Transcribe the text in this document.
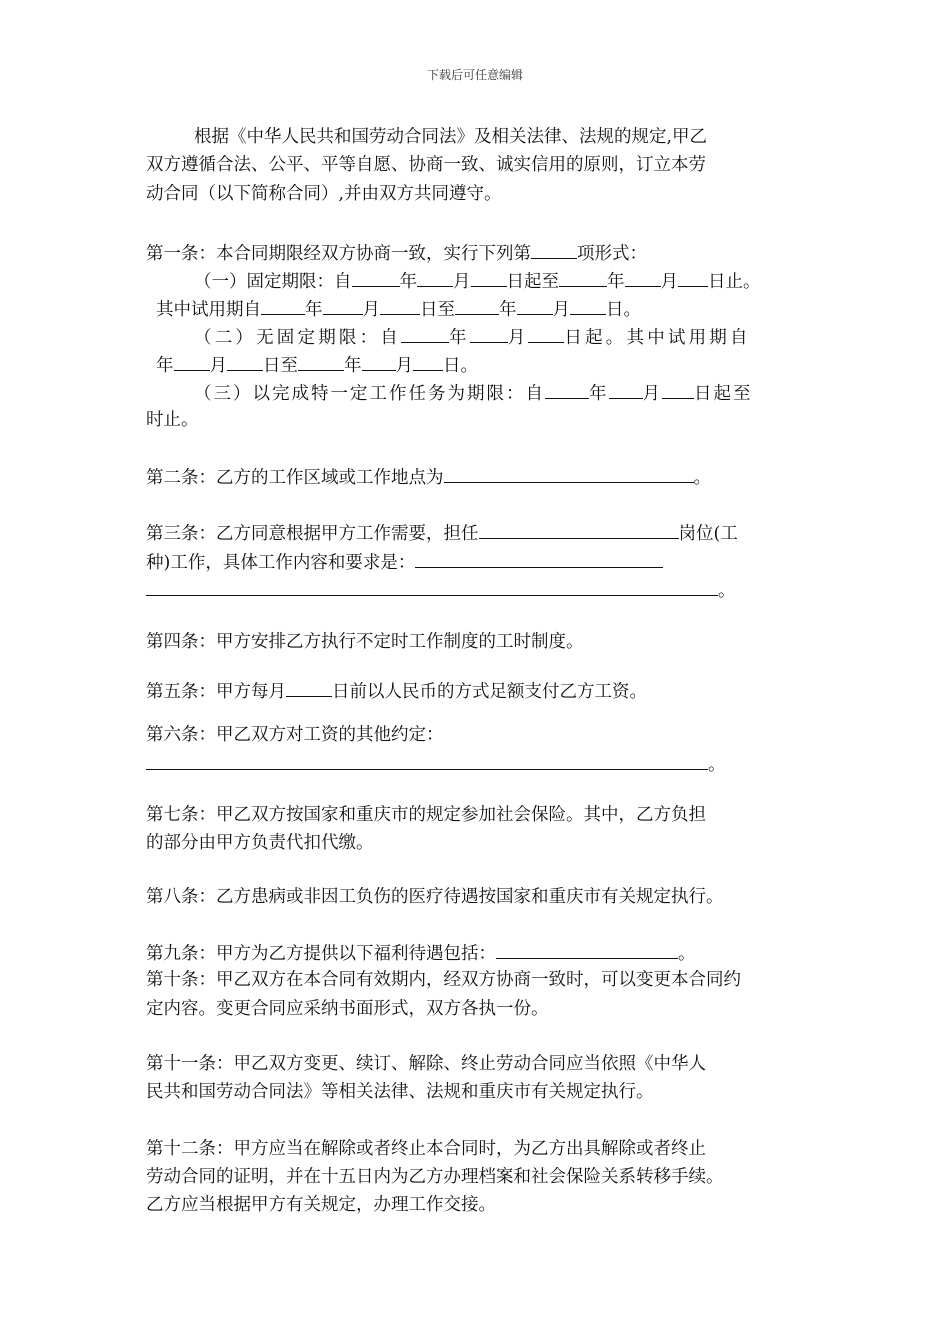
下载后可任意编辑
根据《中华人民共和国劳动合同法》及相关法律、法规的规定,甲乙
双方遵循合法、公平、平等自愿、协商一致、诚实信用的原则，订立本劳
动合同（以下简称合同）,并由双方共同遵守。
第一条：本合同期限经双方协商一致，实行下列第	项形式：
（一）固定期限：自	年 月 日起至	年 月 日止。
其中试用期自	年 月 日至	年 月 日。
（二）无固定期限：自	年 月 日起。其中试用期自
年 月 日至	年 月 日。
（三）以完成特一定工作任务为期限：自	年 月 日起至
时止。
第二条：乙方的工作区域或工作地点为	。
第三条：乙方同意根据甲方工作需要，担任	岗位(工
种)工作，具体工作内容和要求是：
。
第四条：甲方安排乙方执行不定时工作制度的工时制度。
第五条：甲方每月	日前以人民币的方式足额支付乙方工资。
第六条：甲乙双方对工资的其他约定：
。
第七条：甲乙双方按国家和重庆市的规定参加社会保险。其中，乙方负担
的部分由甲方负责代扣代缴。
第八条：乙方患病或非因工负伤的医疗待遇按国家和重庆市有关规定执行。
第九条：甲方为乙方提供以下福利待遇包括：	。
第十条：甲乙双方在本合同有效期内，经双方协商一致时，可以变更本合同约
定内容。变更合同应采纳书面形式，双方各执一份。
第十一条：甲乙双方变更、续订、解除、终止劳动合同应当依照《中华人
民共和国劳动合同法》等相关法律、法规和重庆市有关规定执行。
第十二条：甲方应当在解除或者终止本合同时，为乙方出具解除或者终止
劳动合同的证明，并在十五日内为乙方办理档案和社会保险关系转移手续。
乙方应当根据甲方有关规定，办理工作交接。
